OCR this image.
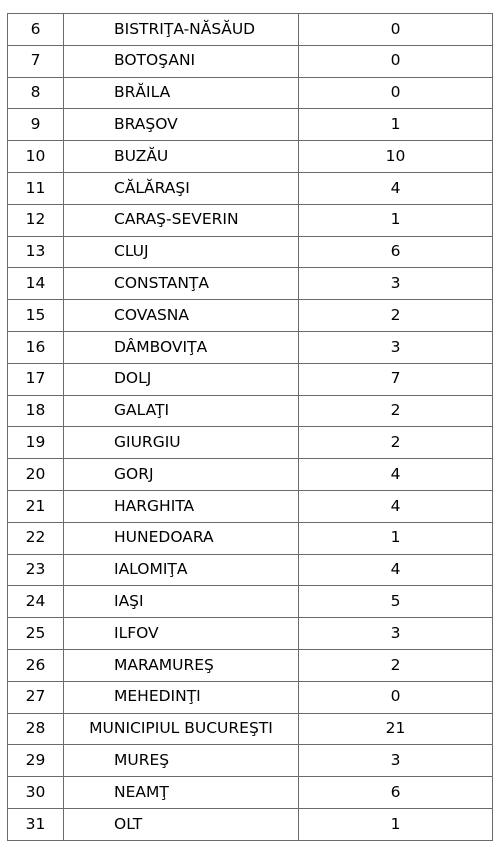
6	BISTRIŢA-NĂSĂUD	0
7	BOTOŞANI	0
8	BRĂILA	0
9	BRAŞOV	1
10	BUZĂU	10
11	CĂLĂRAŞI	4
12	CARAŞ-SEVERIN	1
13	CLUJ	6
14	CONSTANŢA	3
15	COVASNA	2
16	DÂMBOVIŢA	3
17	DOLJ	7
18	GALAŢI	2
19	GIURGIU	2
20	GORJ	4
21	HARGHITA	4
22	HUNEDOARA	1
23	IALOMIŢA	4
24	IAŞI	5
25	ILFOV	3
26	MARAMUREŞ	2
27	MEHEDINŢI	0
28	MUNICIPIUL BUCUREŞTI	21
29	MUREŞ	3
30	NEAMŢ	6
31	OLT	1
